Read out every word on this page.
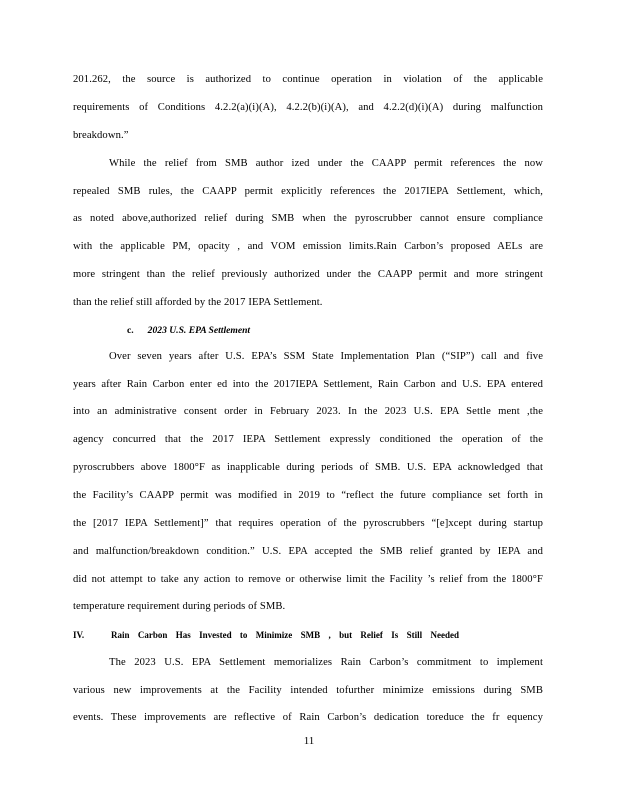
201.262, the source is authorized to continue operation in violation of the applicable
requirements of Conditions 4.2.2(a)(i)(A), 4.2.2(b)(i)(A), and 4.2.2(d)(i)(A) during malfunction
breakdown.”
While the relief from SMB author ized under the CAAPP permit references the now
repealed SMB rules, the CAAPP permit explicitly references the 2017IEPA Settlement, which,
as noted above,authorized relief during SMB when the pyroscrubber cannot ensure compliance
with the applicable PM, opacity , and VOM emission limits.Rain Carbon’s proposed AELs are
more stringent than the relief previously authorized under the CAAPP permit and more stringent
than the relief still afforded by the 2017 IEPA Settlement.
c. 2023 U.S. EPA Settlement
Over seven years after U.S. EPA’s SSM State Implementation Plan (“SIP”) call and five
years after Rain Carbon enter ed into the 2017IEPA Settlement, Rain Carbon and U.S. EPA entered
into an administrative consent order in February 2023. In the 2023 U.S. EPA Settle ment ,the
agency concurred that the 2017 IEPA Settlement expressly conditioned the operation of the
pyroscrubbers above 1800°F as inapplicable during periods of SMB. U.S. EPA acknowledged that
the Facility’s CAAPP permit was modified in 2019 to “reflect the future compliance set forth in
the [2017 IEPA Settlement]” that requires operation of the pyroscrubbers “[e]xcept during startup
and malfunction/breakdown condition.” U.S. EPA accepted the SMB relief granted by IEPA and
did not attempt to take any action to remove or otherwise limit the Facility ’s relief from the 1800°F
temperature requirement during periods of SMB.
IV.	Rain Carbon Has Invested to Minimize SMB , but Relief Is Still Needed
The 2023 U.S. EPA Settlement memorializes Rain Carbon’s commitment to implement
various new improvements at the Facility intended tofurther minimize emissions during SMB
events. These improvements are reflective of Rain Carbon’s dedication toreduce the fr equency
11
